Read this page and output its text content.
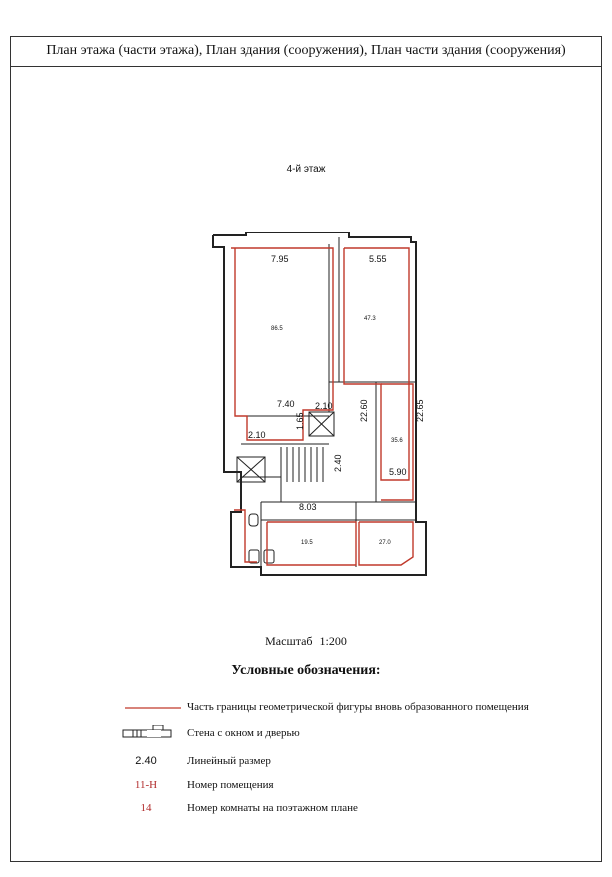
План этажа (части этажа), План здания (сооружения), План части здания (сооружения)
4-й этаж
7.95	5.55
7.40 2.10
2.10
1.65
2.40
22.60	22.65
5.90
8.03
86.5
47.3
35.6
19.5	27.0
Масштаб 1:200
Условные обозначения:
Часть границы геометрической фигуры вновь образованного помещения
Стена с окном и дверью
2.40	Линейный размер
11-Н	Номер помещения
14	Номер комнаты на поэтажном плане
